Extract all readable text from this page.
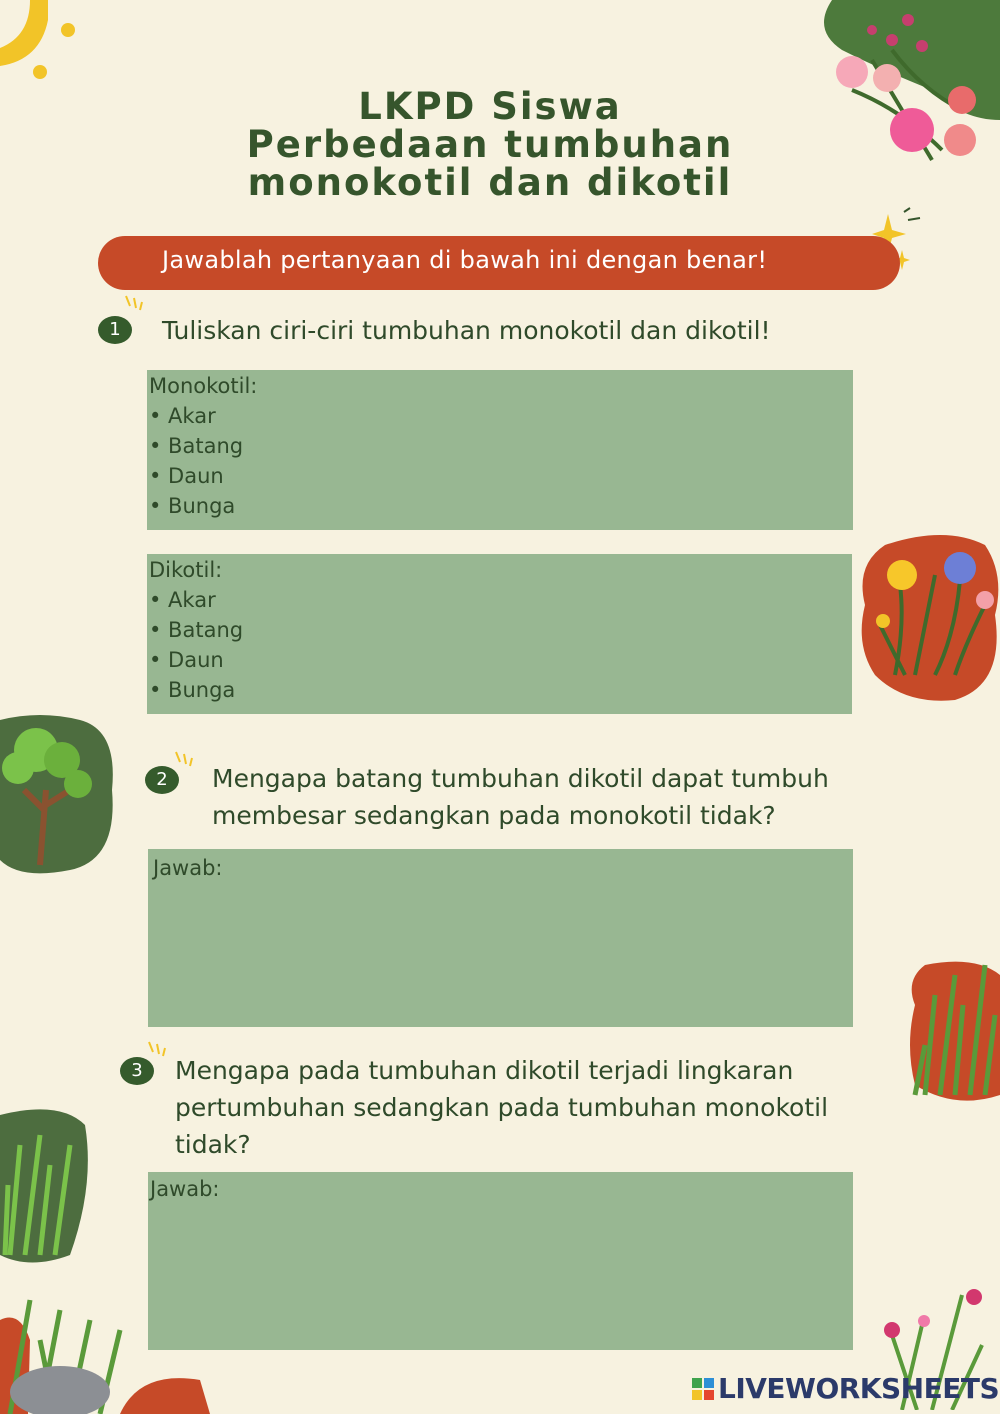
LKPD Siswa
Perbedaan tumbuhan
monokotil dan dikotil
Jawablah pertanyaan di bawah ini dengan benar!
1	Tuliskan ciri-ciri tumbuhan monokotil dan dikotil!
Monokotil:
• Akar
• Batang
• Daun
• Bunga
Dikotil:
• Akar
• Batang
• Daun
• Bunga
2	Mengapa batang tumbuhan dikotil dapat tumbuh
membesar sedangkan pada monokotil tidak?
Jawab:
3	Mengapa pada tumbuhan dikotil terjadi lingkaran
pertumbuhan sedangkan pada tumbuhan monokotil
tidak?
Jawab:
LIVEWORKSHEETS
